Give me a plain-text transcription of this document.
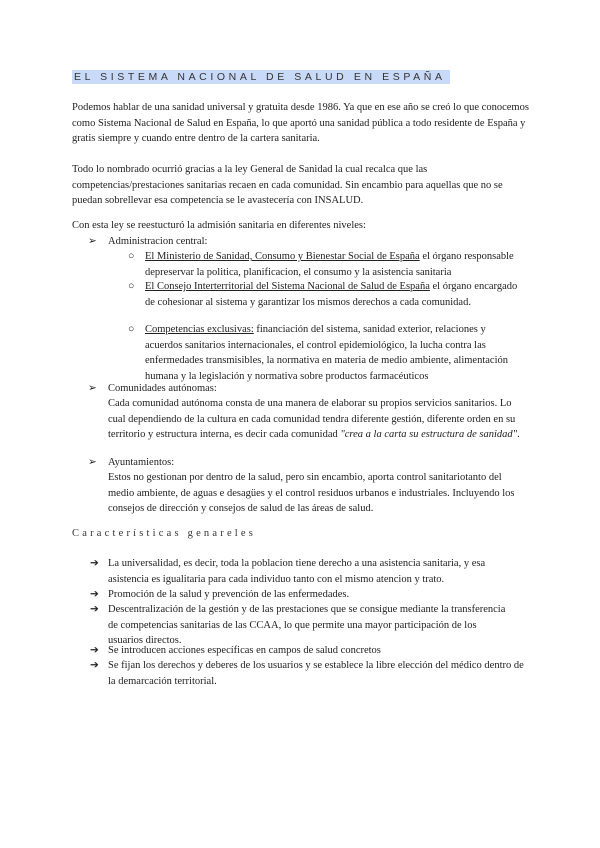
EL SISTEMA NACIONAL DE SALUD EN ESPAÑA

Podemos hablar de una sanidad universal y gratuita desde 1986. Ya que en ese año se creó lo que conocemos como Sistema Nacional de Salud en España, lo que aportó una sanidad pública a todo residente de España y gratis siempre y cuando entre dentro de la cartera sanitaria.

Todo lo nombrado ocurrió gracias a la ley General de Sanidad la cual recalca que las competencias/prestaciones sanitarias recaen en cada comunidad. Sin encambio para aquellas que no se puedan sobrellevar esa competencia se le avastecería con INSALUD.

Con esta ley se reestucturó la admisión sanitaria en diferentes niveles:

➢ Administracion central:
○ El Ministerio de Sanidad, Consumo y Bienestar Social de España el órgano responsable depreservar la politica, planificacion, el consumo y la asistencia sanitaria
○ El Consejo Interterritorial del Sistema Nacional de Salud de España el órgano encargado de cohesionar al sistema y garantizar los mismos derechos a cada comunidad.
○ Competencias exclusivas: financiación del sistema, sanidad exterior, relaciones y acuerdos sanitarios internacionales, el control epidemiológico, la lucha contra las enfermedades transmisibles, la normativa en materia de medio ambiente, alimentación humana y la legislación y normativa sobre productos farmacéuticos
➢ Comunidades autónomas:
Cada comunidad autónoma consta de una manera de elaborar su propios servicios sanitarios. Lo cual dependiendo de la cultura en cada comunidad tendra diferente gestión, diferente orden en su territorio y estructura interna, es decir cada comunidad "crea a la carta su estructura de sanidad".
➢ Ayuntamientos:
Estos no gestionan por dentro de la salud, pero sin encambio, aporta control sanitariotanto del medio ambiente, de aguas e desagües y el control residuos urbanos e industriales. Incluyendo los consejos de dirección y consejos de salud de las áreas de salud.
Características genareles
➔ La universalidad, es decir, toda la poblacion tiene derecho a una asistencia sanitaria, y esa asistencia es igualitaria para cada individuo tanto con el mismo atencion y trato.
➔ Promoción de la salud y prevención de las enfermedades.
➔ Descentralización de la gestión y de las prestaciones que se consigue mediante la transferencia de competencias sanitarias de las CCAA, lo que permite una mayor participación de los usuarios directos.
➔ Se introducen acciones específicas en campos de salud concretos
➔ Se fijan los derechos y deberes de los usuarios y se establece la libre elección del médico dentro de la demarcación territorial.
